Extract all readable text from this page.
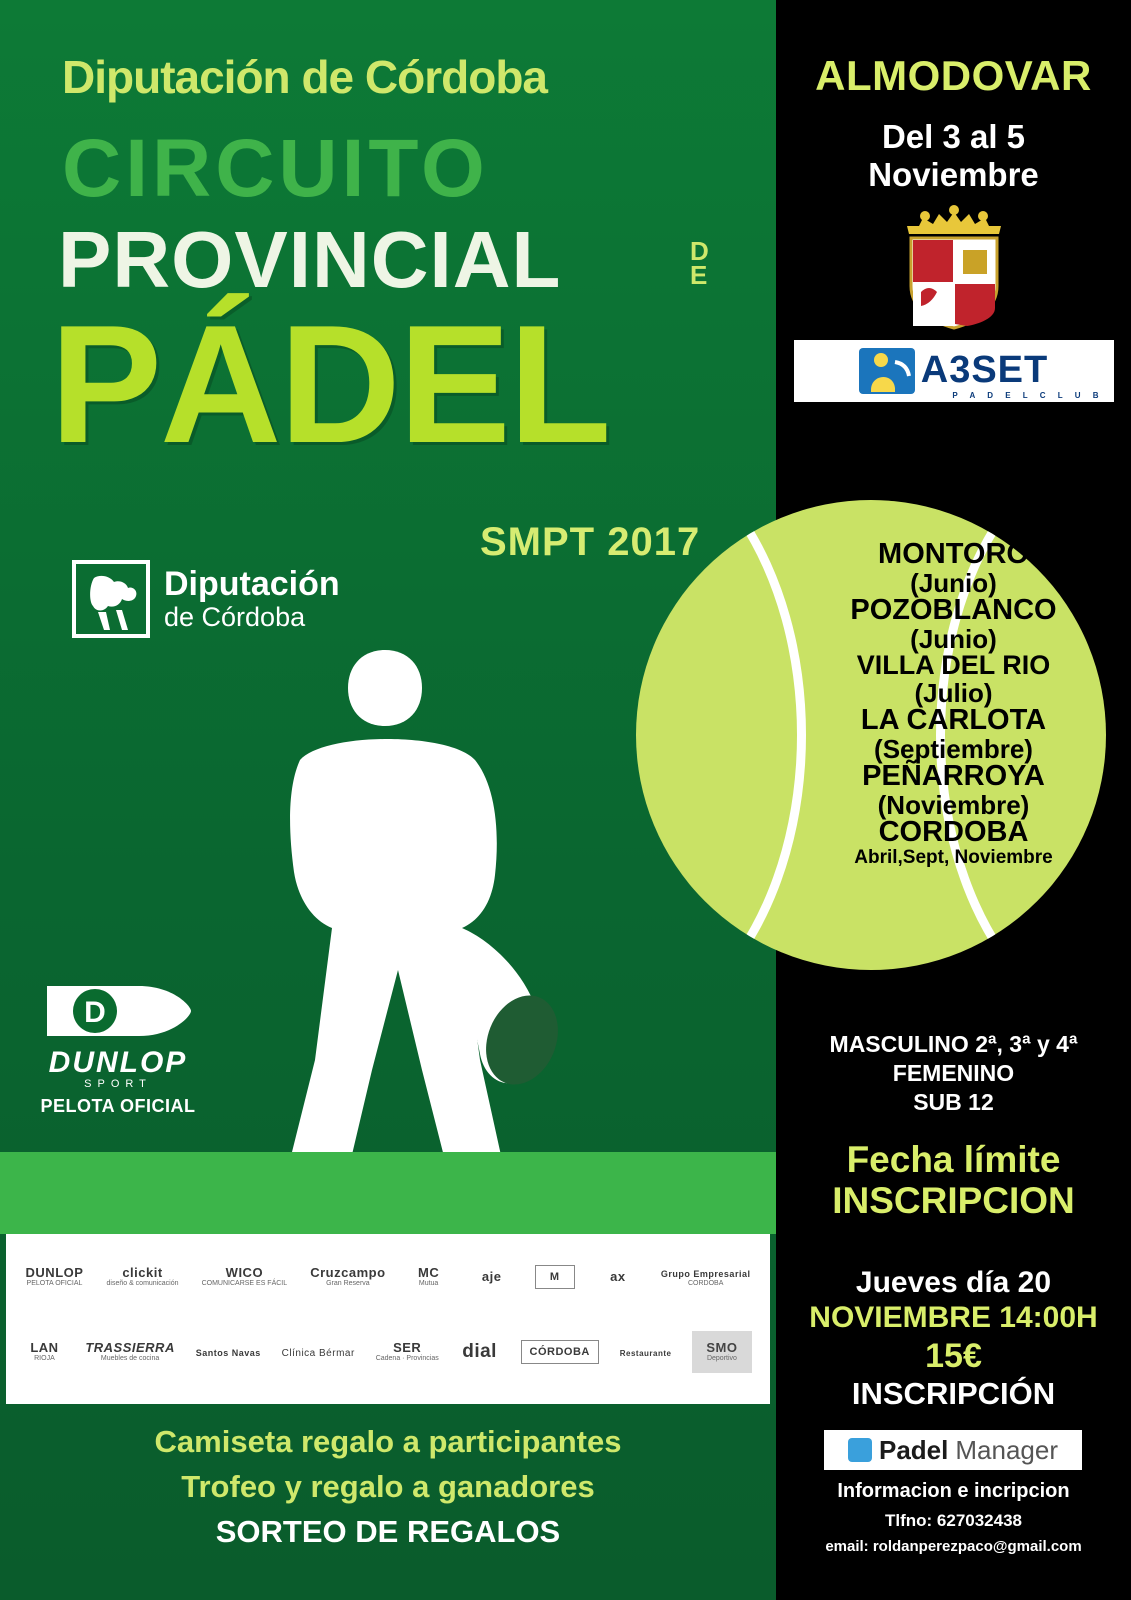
Diputación de Córdoba
CIRCUITO
PROVINCIAL	D
E
PÁDEL
SMPT 2017
Diputación
de Córdoba
D
DUNLOP
SPORT
PELOTA OFICIAL
DUNLOP
PELOTA OFICIAL
clickit
diseño & comunicación
WICO
COMUNICARSE ES FÁCIL
Cruzcampo
Gran Reserva
MC
Mutua	aje	M	ax	Grupo Empresarial
CORDOBA
LAN
RIOJA
TRASSIERRA
Muebles de cocina
Santos Navas Clínica Bérmar	SER
Cadena · Provincias dial	CÓRDOBA	Restaurante	SMO
Deportivo
Camiseta regalo a participantes
Trofeo y regalo a ganadores
SORTEO DE REGALOS
ALMODOVAR
Del 3 al 5
Noviembre
A3SET
P A D E L C L U B
MONTORO
(Junio)
POZOBLANCO
(Junio)
VILLA DEL RIO
(Julio)
LA CARLOTA
(Septiembre)
PEÑARROYA
(Noviembre)
CORDOBA
Abril,Sept, Noviembre
MASCULINO 2ª, 3ª y 4ª
FEMENINO
SUB 12
Fecha límite
INSCRIPCION
Jueves día 20
NOVIEMBRE 14:00H
15€
INSCRIPCIÓN
Padel Manager
Informacion e incripcion
Tlfno: 627032438
email: roldanperezpaco@gmail.com
